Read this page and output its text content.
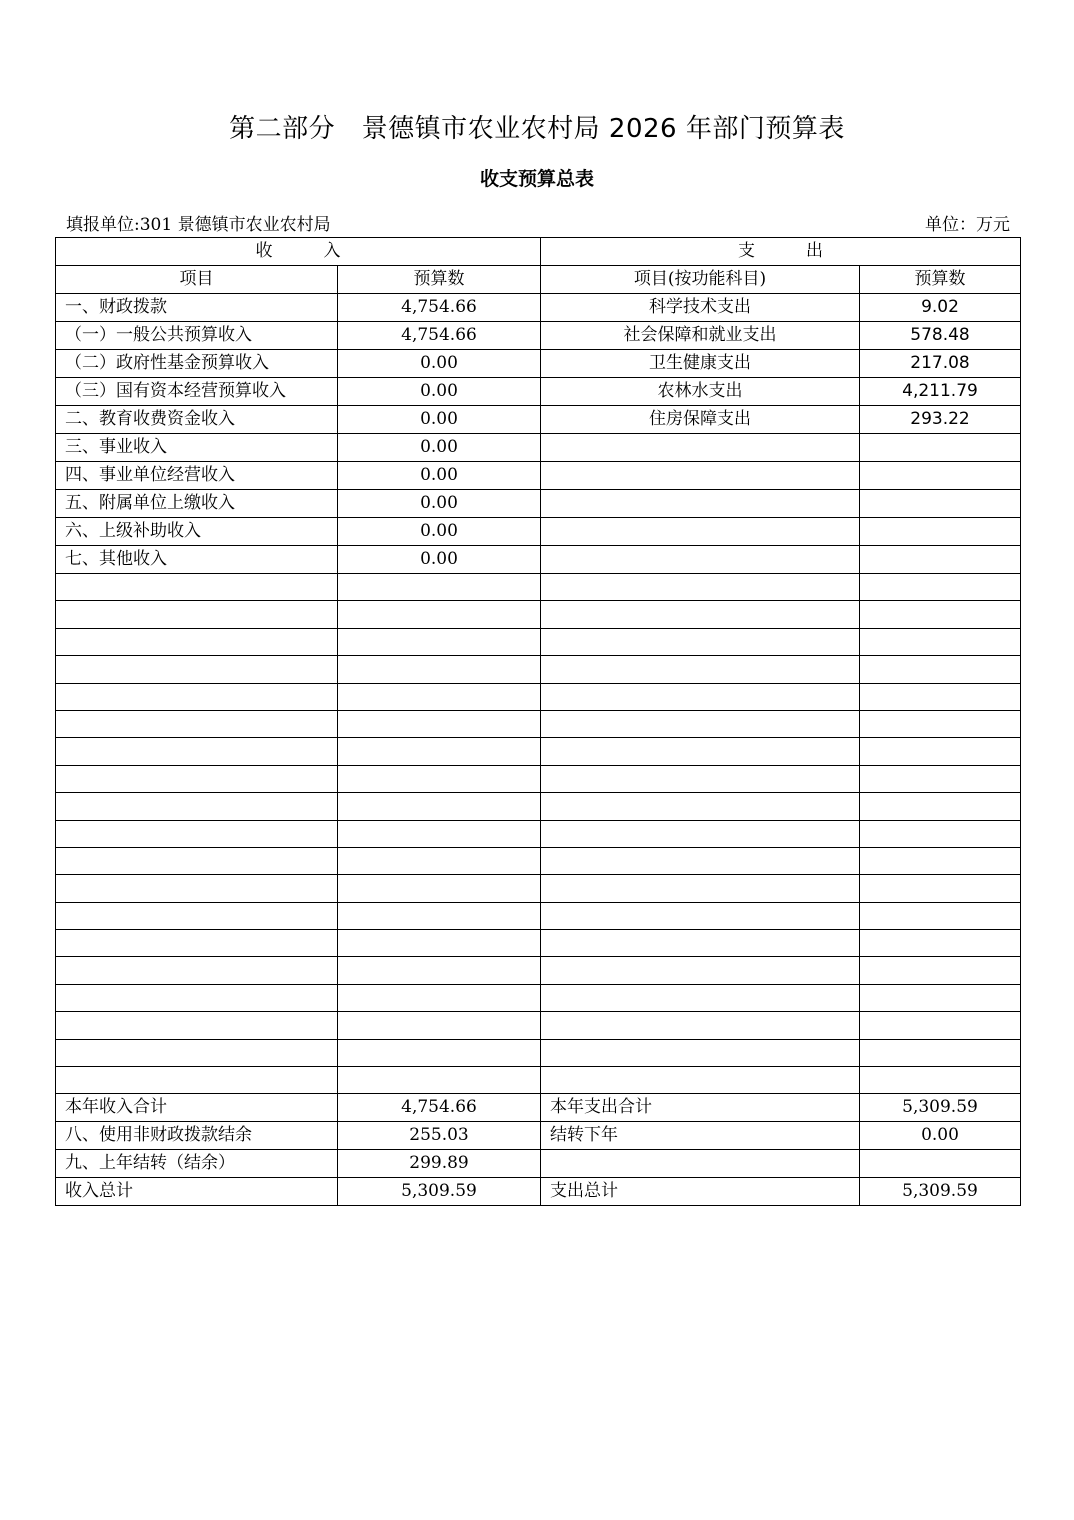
第二部分　景德镇市农业农村局 2026 年部门预算表
收支预算总表
填报单位:301 景德镇市农业农村局	单位：万元
收　　　入		支　　　出	
项目	预算数	项目(按功能科目)	预算数
一、财政拨款	4,754.66	科学技术支出	9.02
（一）一般公共预算收入	4,754.66	社会保障和就业支出	578.48
（二）政府性基金预算收入	0.00	卫生健康支出	217.08
（三）国有资本经营预算收入	0.00	农林水支出	4,211.79
二、教育收费资金收入	0.00	住房保障支出	293.22
三、事业收入	0.00		
四、事业单位经营收入	0.00		
五、附属单位上缴收入	0.00		
六、上级补助收入	0.00		
七、其他收入	0.00		

本年收入合计	4,754.66	本年支出合计	5,309.59
八、使用非财政拨款结余	255.03	结转下年	0.00
九、上年结转（结余）	299.89		
收入总计	5,309.59	支出总计	5,309.59
